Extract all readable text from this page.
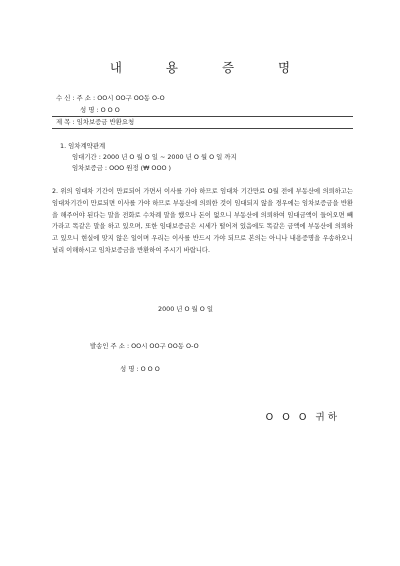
내 용 증 명
수 신 : 주 소 : OO시 OO구 OO동 O-O
성 명 : O O O
제 목 : 임차보증금 반환요청
1. 임차계약관계
임대기간 : 2000 년 O 월 O 일 ~ 2000 년 O 월 O 일 까지
임차보증금 : OOO 원정 (₩ OOO )
2. 위의 임대차 기간이 만료되어 가면서 이사를 가야 하므로 임대차 기간만료 O월 전에 부동산에 의뢰하고는 임대차기간이 만료되면 이사를 가야 하므로 부동산에 의뢰한 것이 임대되지 않을 경우에는 임차보증금을 반환을 해주어야 된다는 말을 전화로 수차례 말을 했으나 돈이 없으니 부동산에 의뢰하여 임대금액이 들어오면 빼가라고 똑같은 말을 하고 있으며, 또한 임대보증금은 시세가 떨어져 있음에도 똑같은 금액에 부동산에 의뢰하고 있으니 현실에 맞지 않은 일이며 우리는 이사를 반드시 가야 되므로 본의는 아니나 내용증명을 우송하오니 널리 이해하시고 임차보증금을 반환하여 주시기 바랍니다.
2000 년 O 월 O 일
발송인 주 소 : OO시 OO구 OO동 O-O
성 명 : O O O
O O O 귀하
